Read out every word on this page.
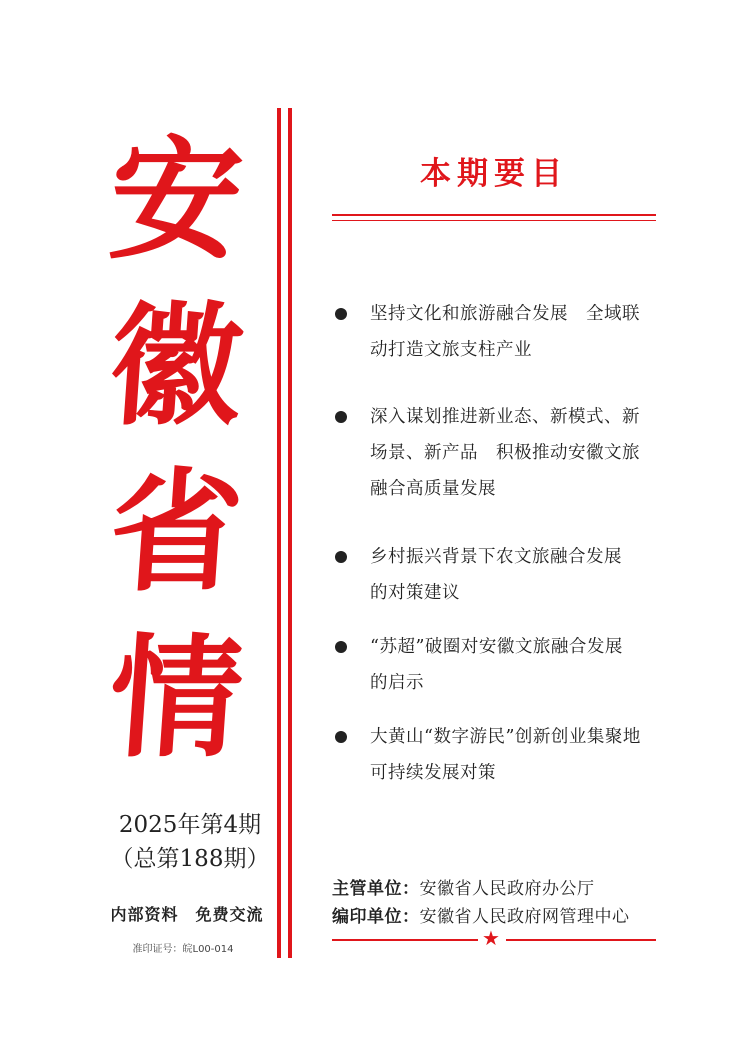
安
徽
省
情
2025年第4期
（总第188期）
内部资料　免费交流
准印证号：皖L00-014
本期要目
坚持文化和旅游融合发展　全域联
动打造文旅支柱产业
深入谋划推进新业态、新模式、新
场景、新产品　积极推动安徽文旅
融合高质量发展
乡村振兴背景下农文旅融合发展
的对策建议
“苏超”破圈对安徽文旅融合发展
的启示
大黄山“数字游民”创新创业集聚地
可持续发展对策
主管单位：安徽省人民政府办公厅
编印单位：安徽省人民政府网管理中心
★
